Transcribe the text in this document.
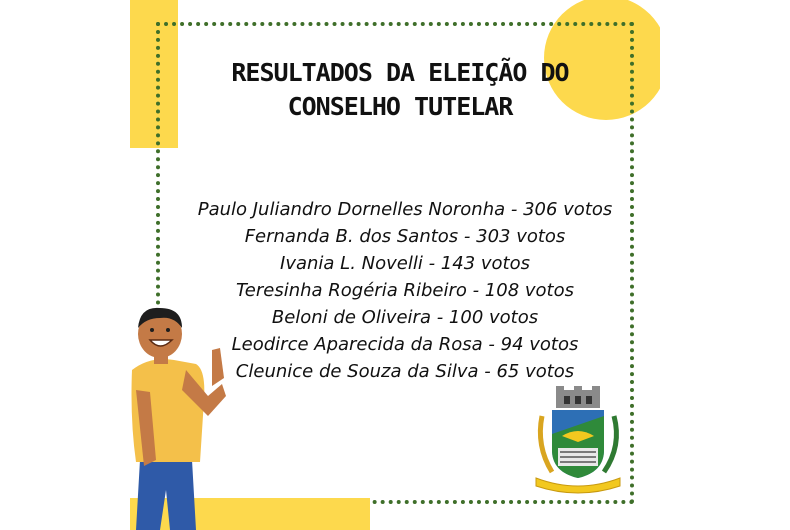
RESULTADOS DA ELEIÇÃO DO
CONSELHO TUTELAR
Paulo Juliandro Dornelles Noronha - 306 votos
Fernanda B. dos Santos - 303 votos
Ivania L. Novelli - 143 votos
Teresinha Rogéria Ribeiro - 108 votos
Beloni de Oliveira - 100 votos
Leodirce Aparecida da Rosa - 94 votos
Cleunice de Souza da Silva - 65 votos
